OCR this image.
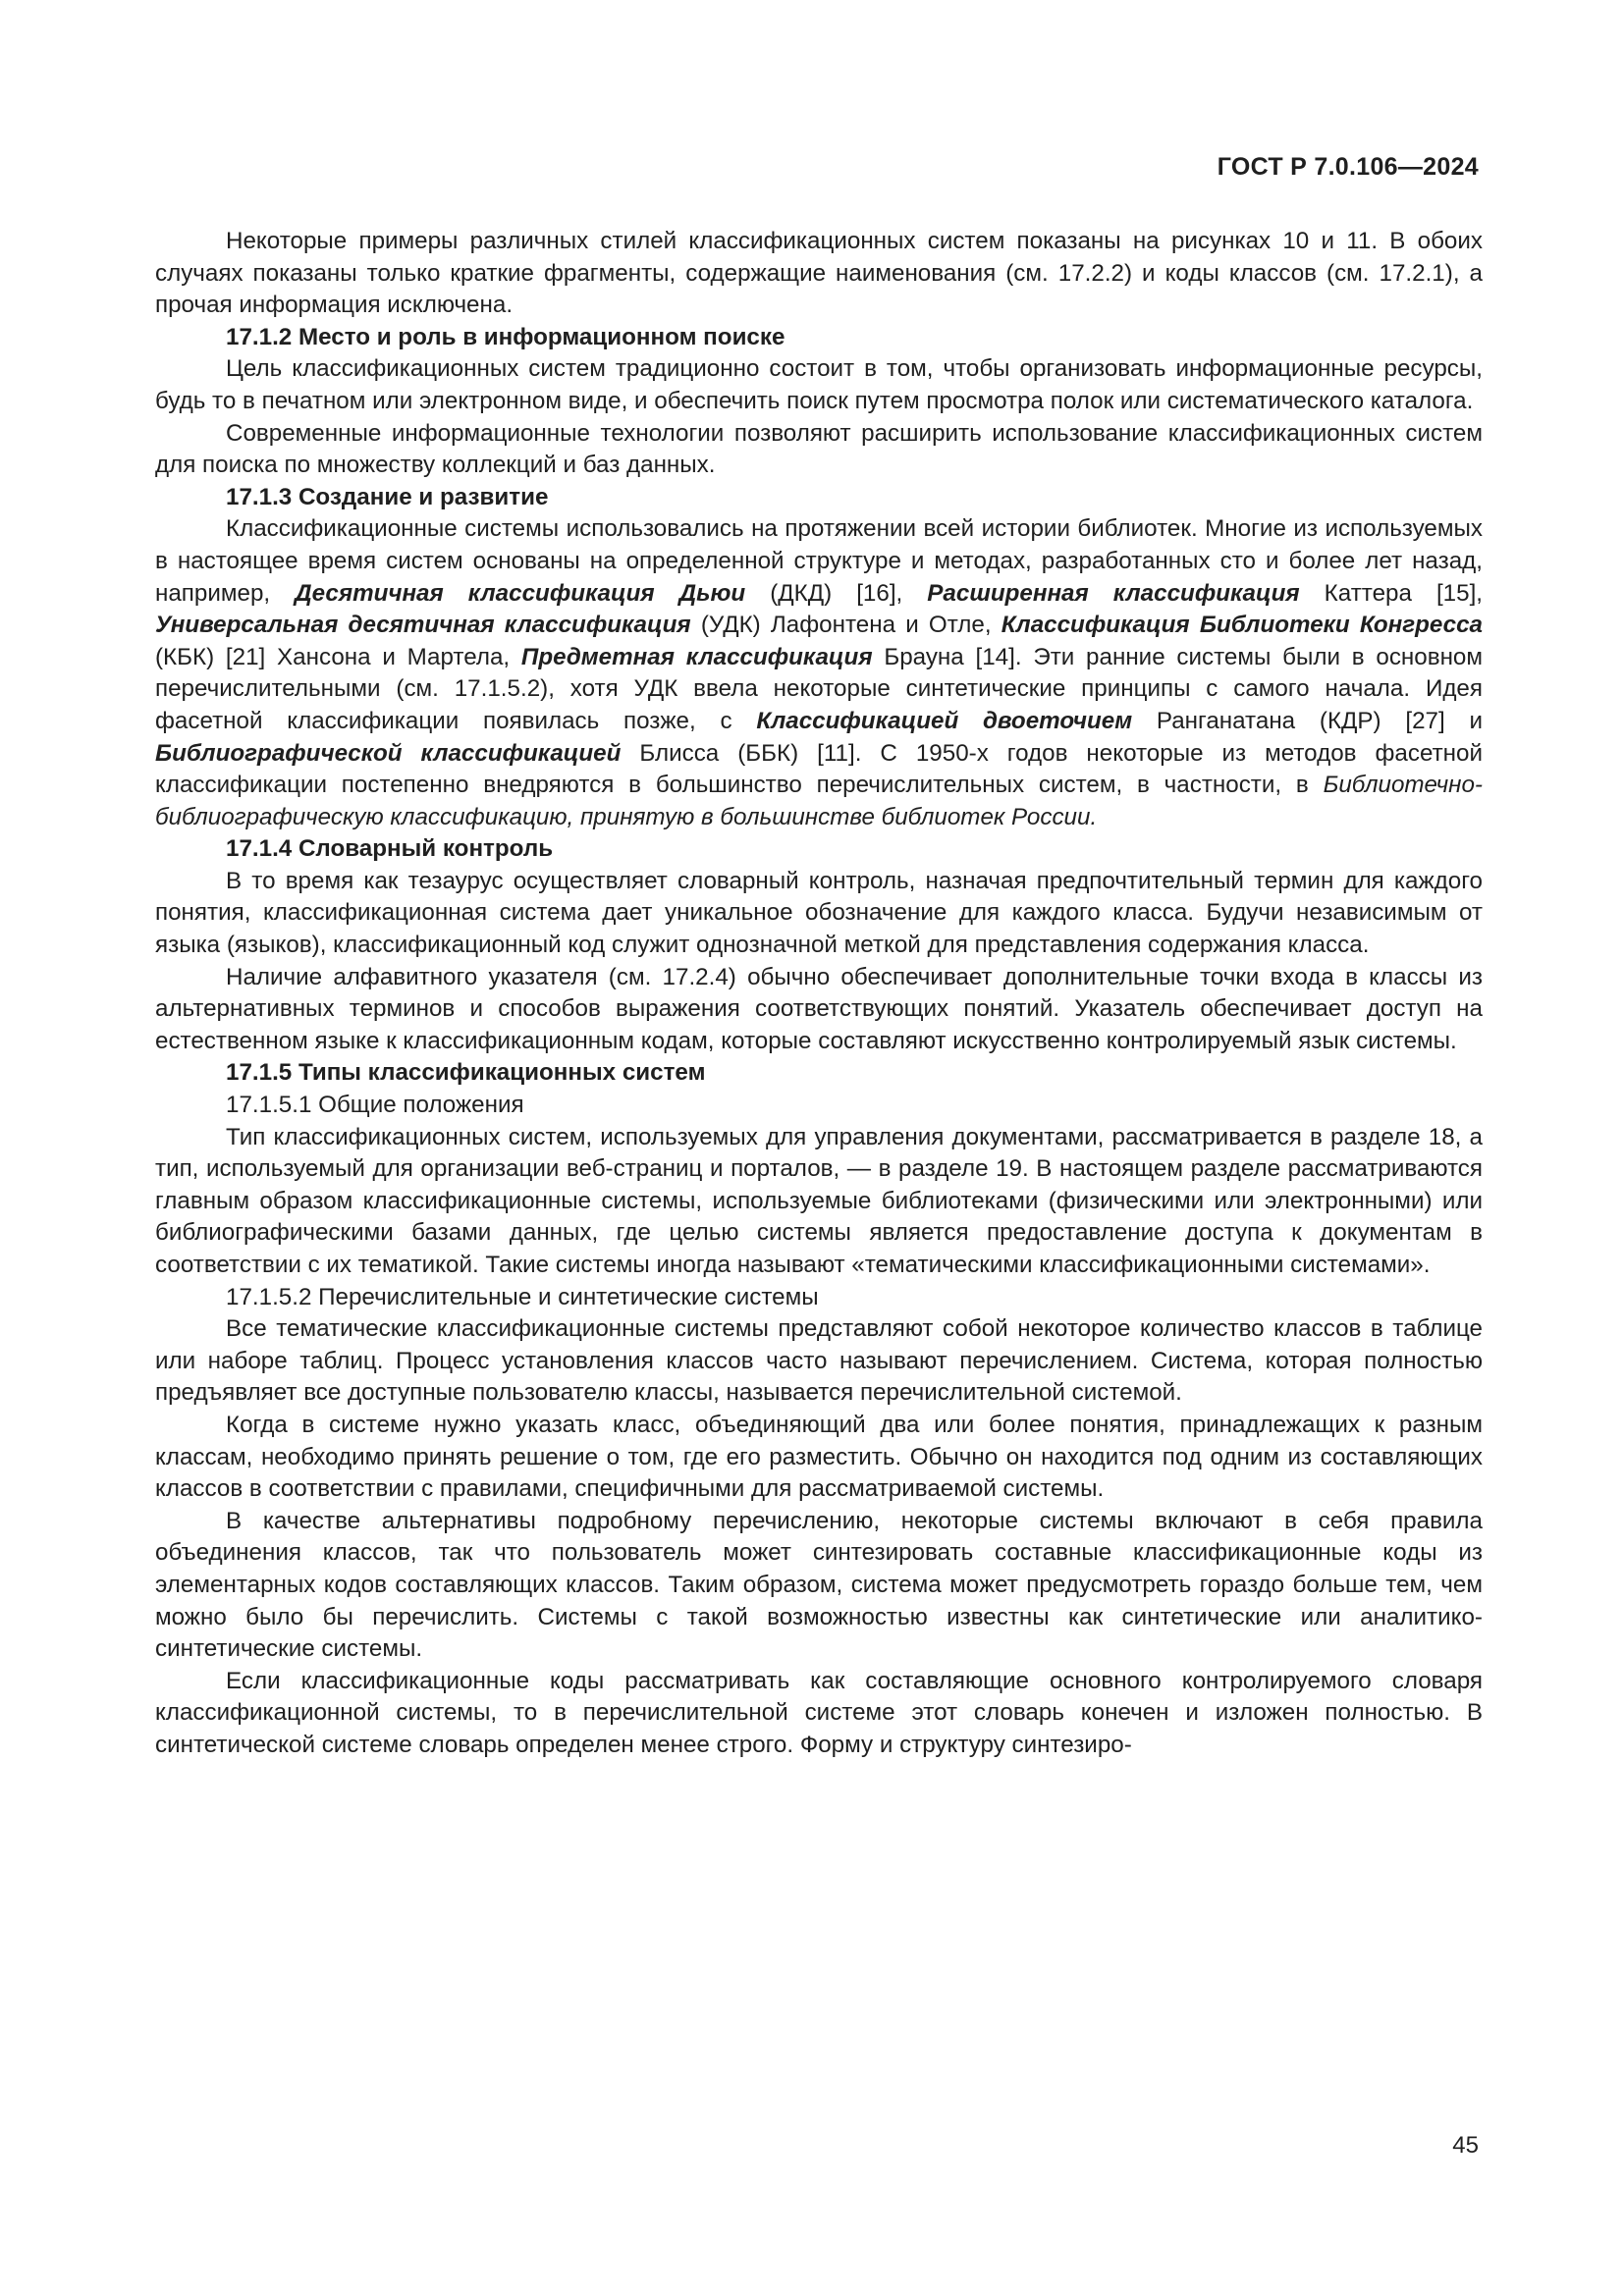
ГОСТ Р 7.0.106—2024

Некоторые примеры различных стилей классификационных систем показаны на рисунках 10 и 11. В обоих случаях показаны только краткие фрагменты, содержащие наименования (см. 17.2.2) и коды классов (см. 17.2.1), а прочая информация исключена.

17.1.2 Место и роль в информационном поиске

Цель классификационных систем традиционно состоит в том, чтобы организовать информационные ресурсы, будь то в печатном или электронном виде, и обеспечить поиск путем просмотра полок или систематического каталога.

Современные информационные технологии позволяют расширить использование классификационных систем для поиска по множеству коллекций и баз данных.

17.1.3 Создание и развитие

Классификационные системы использовались на протяжении всей истории библиотек. Многие из используемых в настоящее время систем основаны на определенной структуре и методах, разработанных сто и более лет назад, например, Десятичная классификация Дьюи (ДКД) [16], Расширенная классификация Каттера [15], Универсальная десятичная классификация (УДК) Лафонтена и Отле, Классификация Библиотеки Конгресса (КБК) [21] Хансона и Мартела, Предметная классификация Брауна [14]. Эти ранние системы были в основном перечислительными (см. 17.1.5.2), хотя УДК ввела некоторые синтетические принципы с самого начала. Идея фасетной классификации появилась позже, с Классификацией двоеточием Ранганатана (КДР) [27] и Библиографической классификацией Блисса (ББК) [11]. С 1950-х годов некоторые из методов фасетной классификации постепенно внедряются в большинство перечислительных систем, в частности, в Библиотечно-библиографическую классификацию, принятую в большинстве библиотек России.

17.1.4 Словарный контроль

В то время как тезаурус осуществляет словарный контроль, назначая предпочтительный термин для каждого понятия, классификационная система дает уникальное обозначение для каждого класса. Будучи независимым от языка (языков), классификационный код служит однозначной меткой для представления содержания класса.

Наличие алфавитного указателя (см. 17.2.4) обычно обеспечивает дополнительные точки входа в классы из альтернативных терминов и способов выражения соответствующих понятий. Указатель обеспечивает доступ на естественном языке к классификационным кодам, которые составляют искусственно контролируемый язык системы.

17.1.5 Типы классификационных систем

17.1.5.1 Общие положения

Тип классификационных систем, используемых для управления документами, рассматривается в разделе 18, а тип, используемый для организации веб-страниц и порталов, — в разделе 19. В настоящем разделе рассматриваются главным образом классификационные системы, используемые библиотеками (физическими или электронными) или библиографическими базами данных, где целью системы является предоставление доступа к документам в соответствии с их тематикой. Такие системы иногда называют «тематическими классификационными системами».

17.1.5.2 Перечислительные и синтетические системы

Все тематические классификационные системы представляют собой некоторое количество классов в таблице или наборе таблиц. Процесс установления классов часто называют перечислением. Система, которая полностью предъявляет все доступные пользователю классы, называется перечислительной системой.

Когда в системе нужно указать класс, объединяющий два или более понятия, принадлежащих к разным классам, необходимо принять решение о том, где его разместить. Обычно он находится под одним из составляющих классов в соответствии с правилами, специфичными для рассматриваемой системы.

В качестве альтернативы подробному перечислению, некоторые системы включают в себя правила объединения классов, так что пользователь может синтезировать составные классификационные коды из элементарных кодов составляющих классов. Таким образом, система может предусмотреть гораздо больше тем, чем можно было бы перечислить. Системы с такой возможностью известны как синтетические или аналитико-синтетические системы.

Если классификационные коды рассматривать как составляющие основного контролируемого словаря классификационной системы, то в перечислительной системе этот словарь конечен и изложен полностью. В синтетической системе словарь определен менее строго. Форму и структуру синтезиро-

45
